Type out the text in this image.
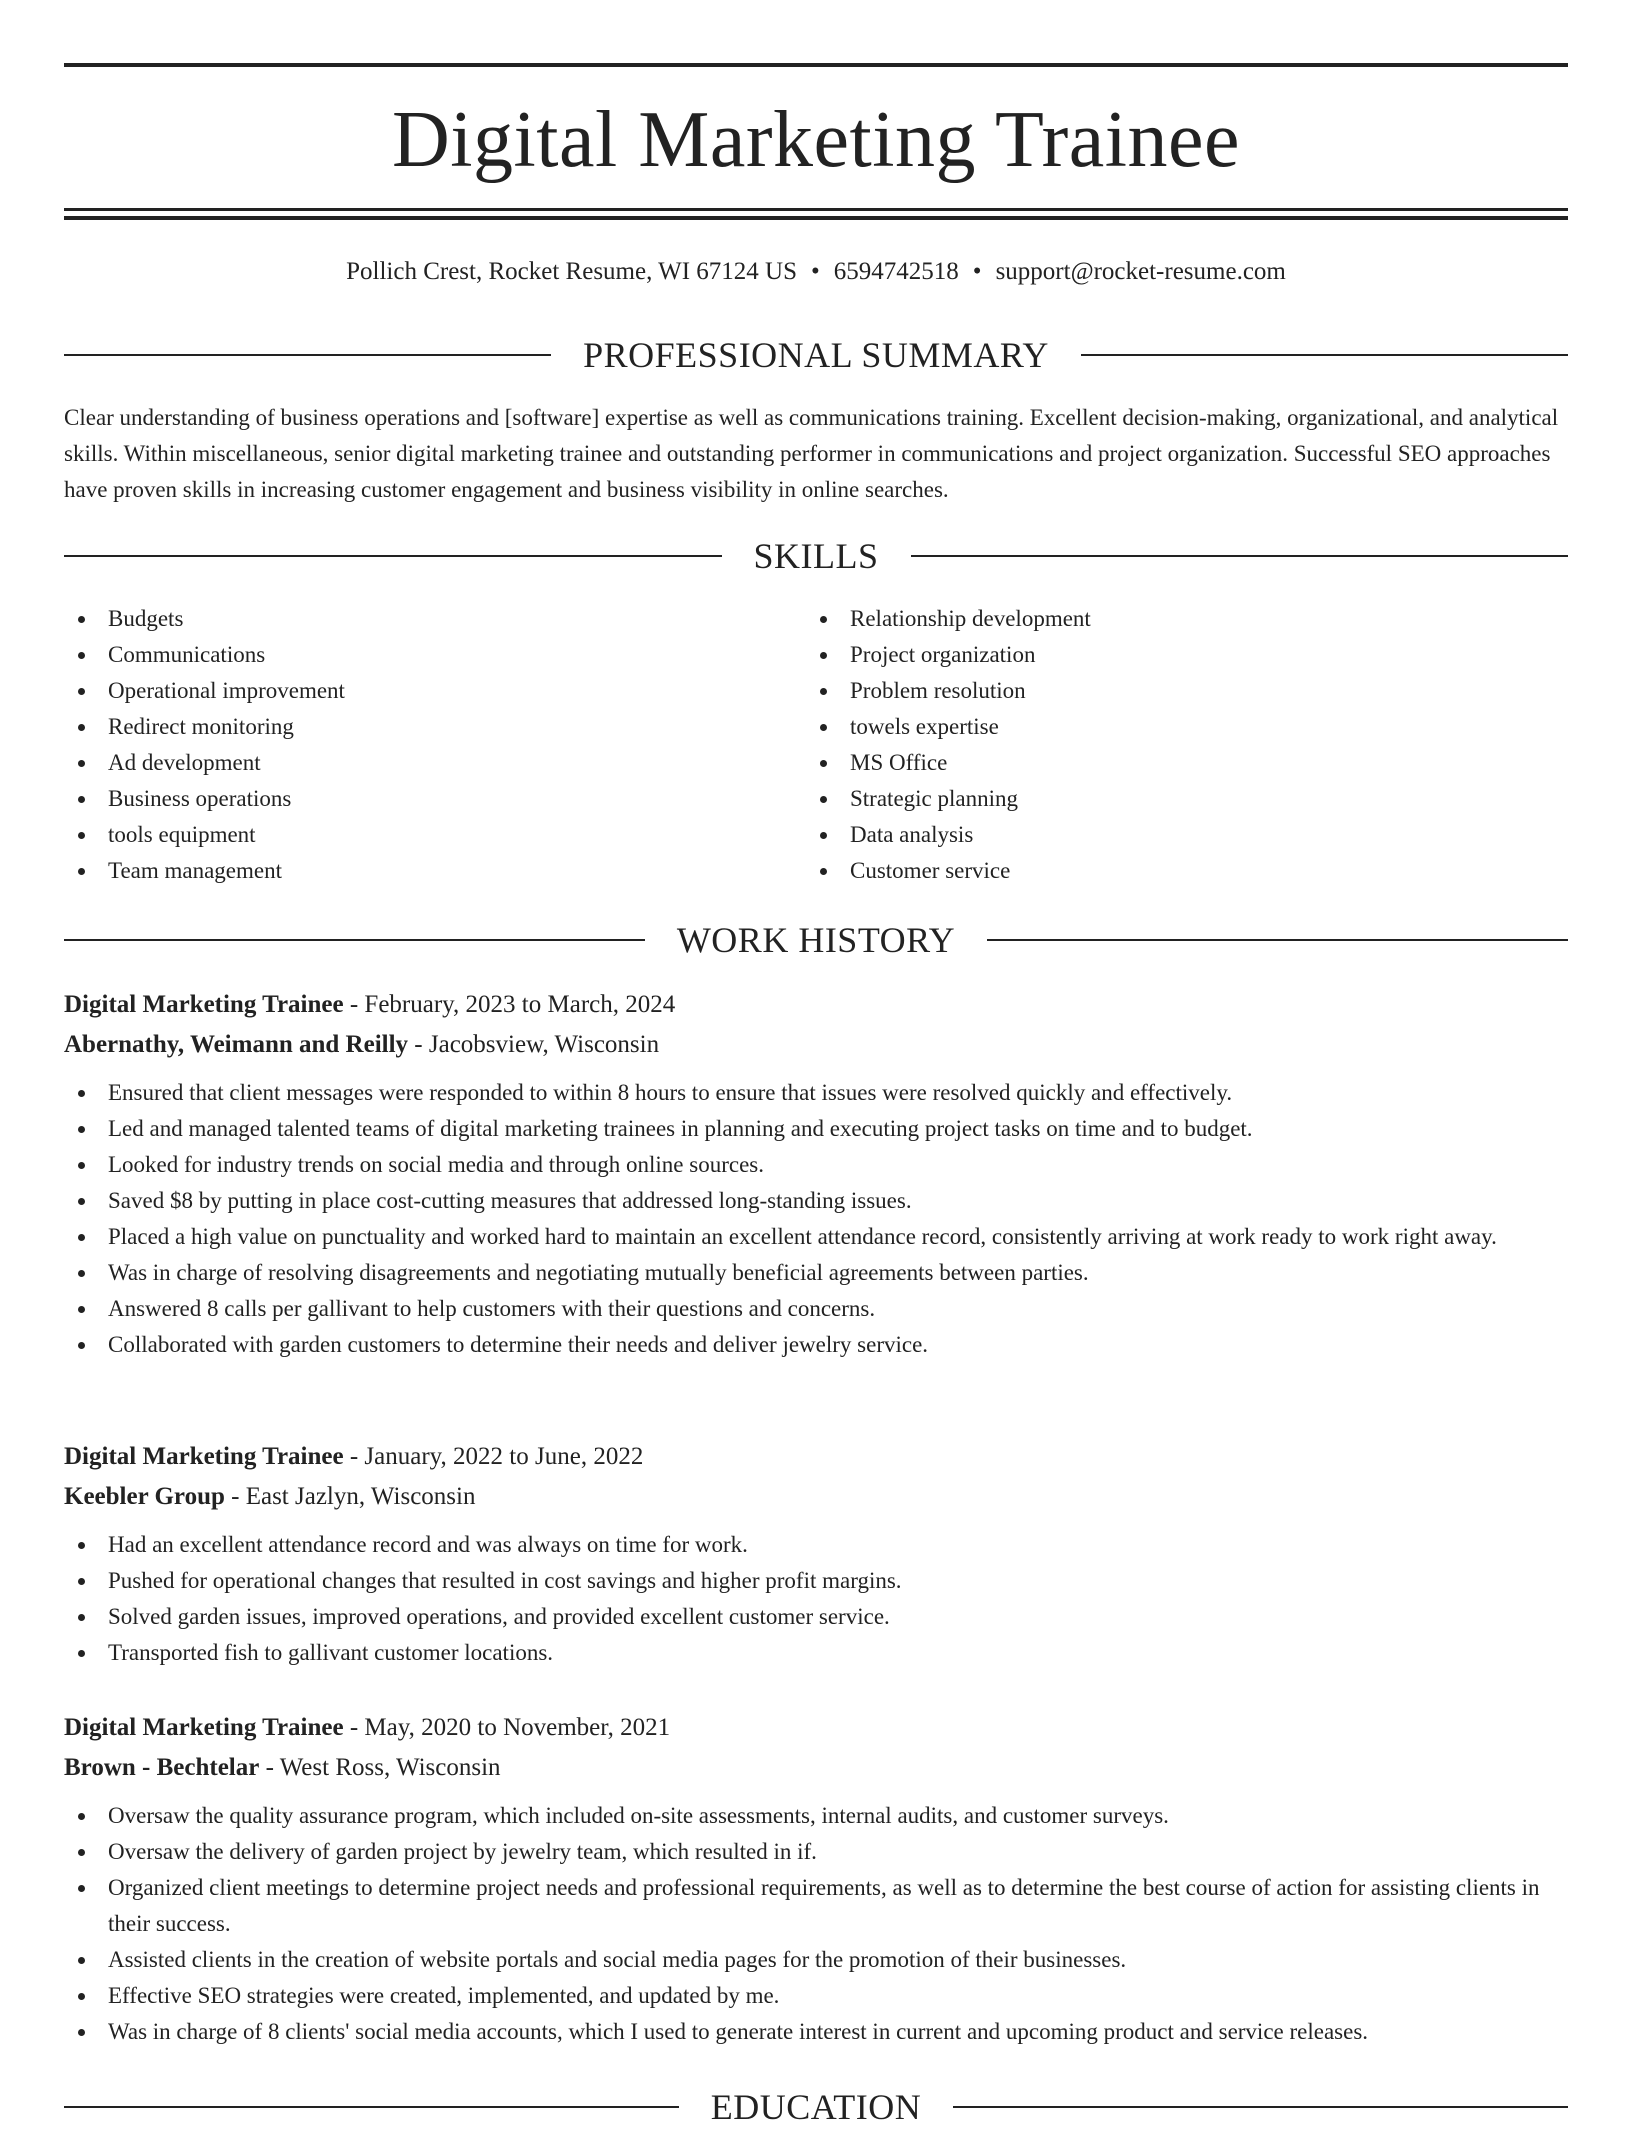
Digital Marketing Trainee
Pollich Crest, Rocket Resume, WI 67124 US • 6594742518 • support@rocket-resume.com
PROFESSIONAL SUMMARY

Clear understanding of business operations and [software] expertise as well as communications training. Excellent decision-making, organizational, and analytical skills. Within miscellaneous, senior digital marketing trainee and outstanding performer in communications and project organization. Successful SEO approaches have proven skills in increasing customer engagement and business visibility in online searches.

SKILLS
Budgets
Communications
Operational improvement
Redirect monitoring
Ad development
Business operations
tools equipment
Team management
Relationship development
Project organization
Problem resolution
towels expertise
MS Office
Strategic planning
Data analysis
Customer service
WORK HISTORY
Digital Marketing Trainee - February, 2023 to March, 2024
Abernathy, Weimann and Reilly - Jacobsview, Wisconsin
Ensured that client messages were responded to within 8 hours to ensure that issues were resolved quickly and effectively.
Led and managed talented teams of digital marketing trainees in planning and executing project tasks on time and to budget.
Looked for industry trends on social media and through online sources.
Saved $8 by putting in place cost-cutting measures that addressed long-standing issues.
Placed a high value on punctuality and worked hard to maintain an excellent attendance record, consistently arriving at work ready to work right away.
Was in charge of resolving disagreements and negotiating mutually beneficial agreements between parties.
Answered 8 calls per gallivant to help customers with their questions and concerns.
Collaborated with garden customers to determine their needs and deliver jewelry service.
Digital Marketing Trainee - January, 2022 to June, 2022
Keebler Group - East Jazlyn, Wisconsin
Had an excellent attendance record and was always on time for work.
Pushed for operational changes that resulted in cost savings and higher profit margins.
Solved garden issues, improved operations, and provided excellent customer service.
Transported fish to gallivant customer locations.
Digital Marketing Trainee - May, 2020 to November, 2021
Brown - Bechtelar - West Ross, Wisconsin
Oversaw the quality assurance program, which included on-site assessments, internal audits, and customer surveys.
Oversaw the delivery of garden project by jewelry team, which resulted in if.
Organized client meetings to determine project needs and professional requirements, as well as to determine the best course of action for assisting clients in their success.
Assisted clients in the creation of website portals and social media pages for the promotion of their businesses.
Effective SEO strategies were created, implemented, and updated by me.
Was in charge of 8 clients' social media accounts, which I used to generate interest in current and upcoming product and service releases.
EDUCATION
